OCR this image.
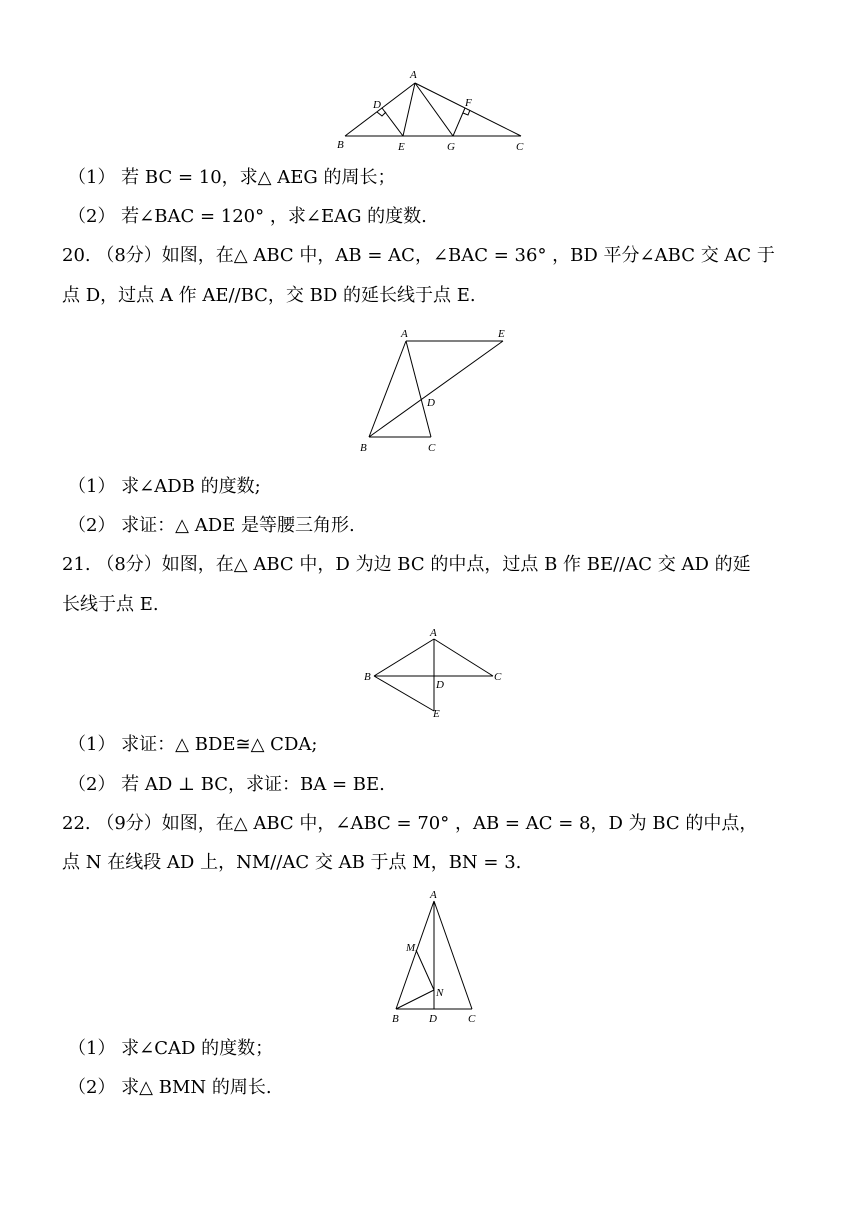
A
B	C
D
E
F
G
（1） 若 BC = 10，求△ AEG 的周长；
（2） 若∠BAC = 120° ，求∠EAG 的度数.
20. （8分）如图，在△ ABC 中，AB = AC，∠BAC = 36° ，BD 平分∠ABC 交 AC 于
点 D，过点 A 作 AE//BC，交 BD 的延长线于点 E.
A	E
D
B	C
（1） 求∠ADB 的度数;
（2） 求证：△ ADE 是等腰三角形.
21. （8分）如图，在△ ABC 中，D 为边 BC 的中点，过点 B 作 BE//AC 交 AD 的延
长线于点 E.
A
B	C
D
E
（1） 求证：△ BDE≅△ CDA;
（2） 若 AD ⊥ BC，求证：BA = BE.
22. （9分）如图，在△ ABC 中，∠ABC = 70° ，AB = AC = 8，D 为 BC 的中点，
点 N 在线段 AD 上，NM//AC 交 AB 于点 M，BN = 3.
A
M
N
B	D	C
（1） 求∠CAD 的度数；
（2） 求△ BMN 的周长.
